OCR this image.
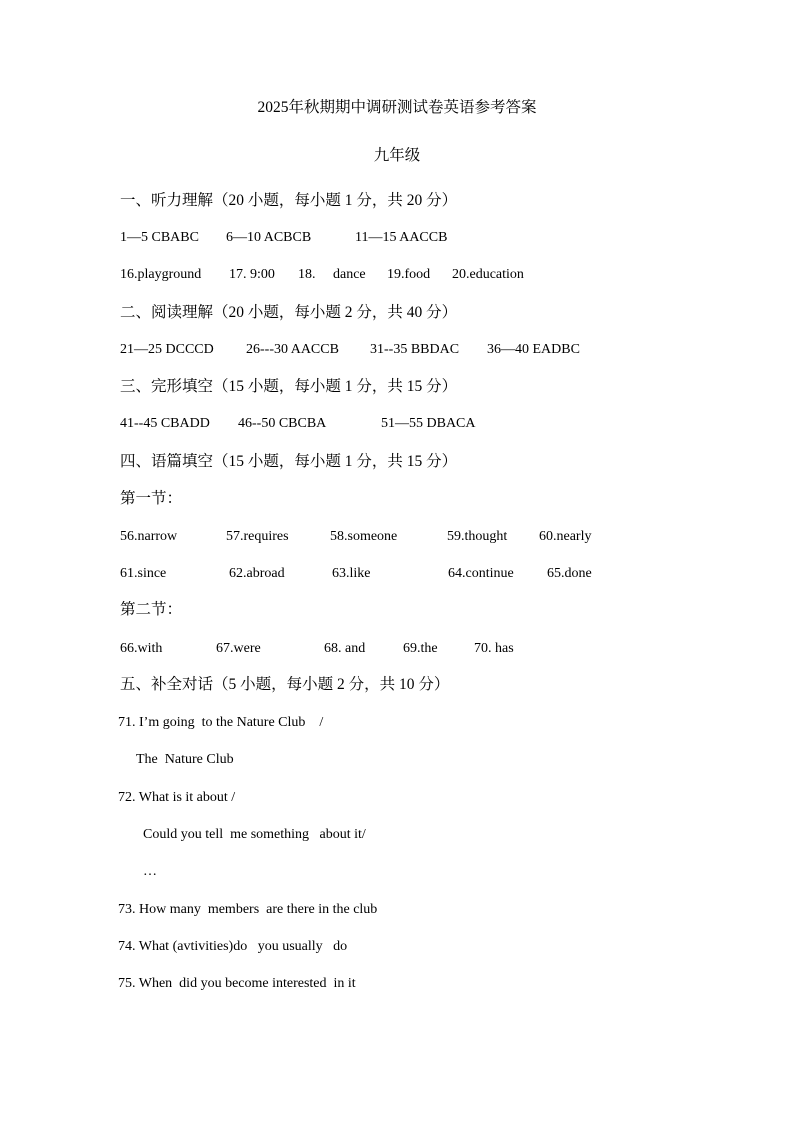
2025年秋期期中调研测试卷英语参考答案
九年级
一、听力理解（20 小题，每小题 1 分，共 20 分）
1—5 CBABC 6—10 ACBCB	11—15 AACCB
16.playground 17. 9:00 18. dance 19.food 20.education
二、阅读理解（20 小题，每小题 2 分，共 40 分）
21—25 DCCCD 26---30 AACCB 31--35 BBDAC 36—40 EADBC
三、完形填空（15 小题，每小题 1 分，共 15 分）
41--45 CBADD 46--50 CBCBA	51—55 DBACA
四、语篇填空（15 小题，每小题 1 分，共 15 分）
第一节：
56.narrow	57.requires	58.someone	59.thought 60.nearly
61.since	62.abroad	63.like	64.continue 65.done
第二节：
66.with	67.were	68. and	69.the	70. has
五、补全对话（5 小题，每小题 2 分，共 10 分）
71. I’m going  to the Nature Club    /
The  Nature Club
72. What is it about /
Could you tell  me something   about it/
…
73. How many  members  are there in the club
74. What (avtivities)do   you usually   do
75. When  did you become interested  in it
